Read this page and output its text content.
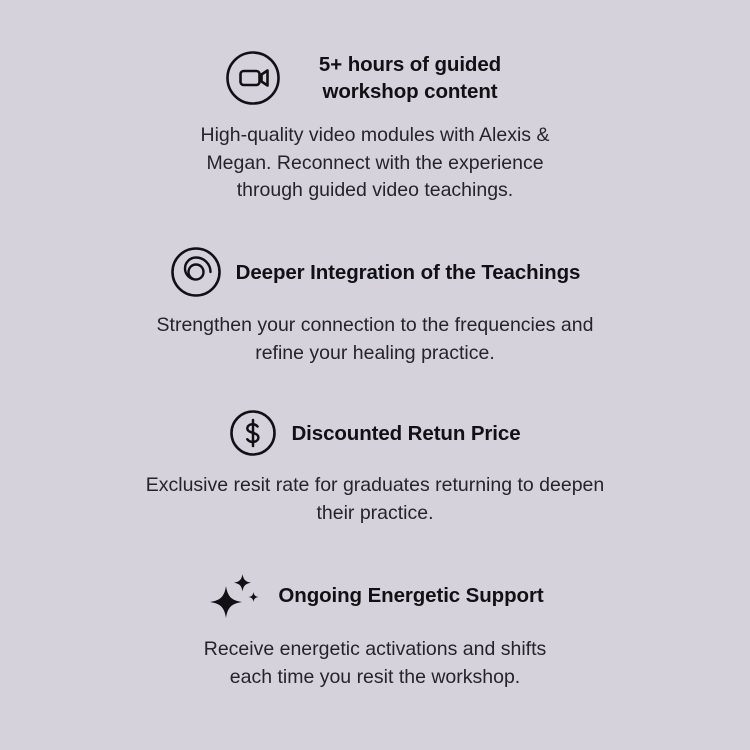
5+ hours of guided workshop content
High-quality video modules with Alexis & Megan. Reconnect with the experience through guided video teachings.
Deeper Integration of the Teachings
Strengthen your connection to the frequencies and refine your healing practice.
Discounted Retun Price
Exclusive resit rate for graduates returning to deepen their practice.
Ongoing Energetic Support
Receive energetic activations and shifts each time you resit the workshop.
